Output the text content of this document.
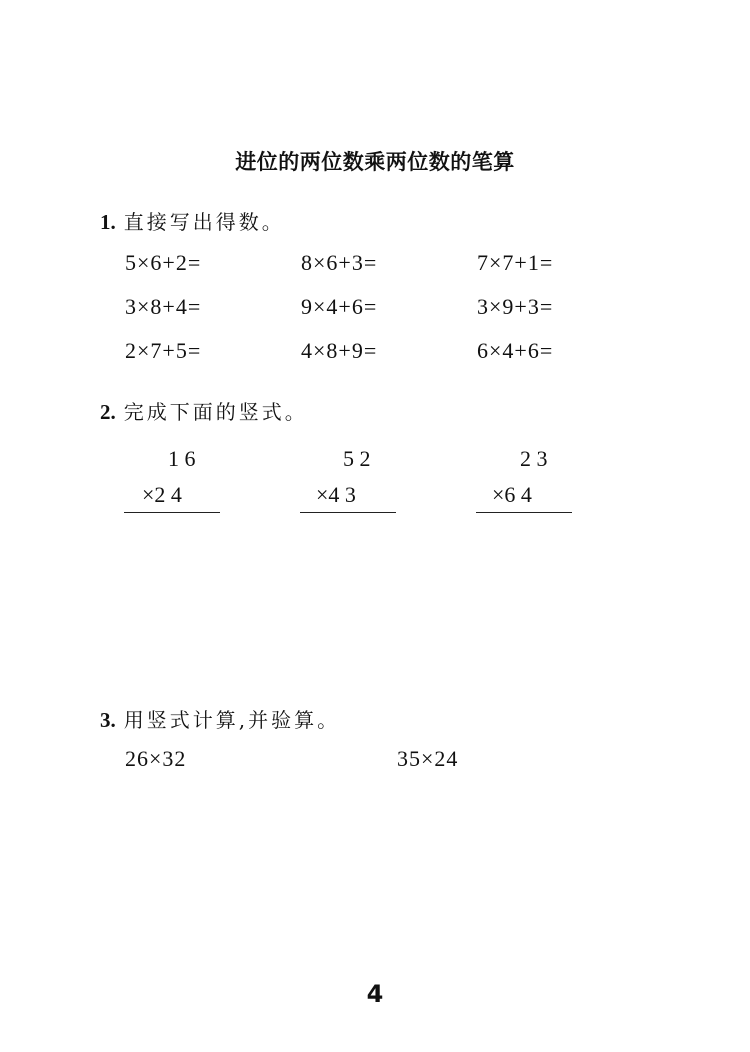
进位的两位数乘两位数的笔算
1. 直接写出得数。
5×6+2=	8×6+3=	7×7+1=
3×8+4=	9×4+6=	3×9+3=
2×7+5=	4×8+9=	6×4+6=
2. 完成下面的竖式。
1 6
×2 4
5 2
×4 3
2 3
×6 4
3. 用竖式计算,并验算。
26×32	35×24
4
